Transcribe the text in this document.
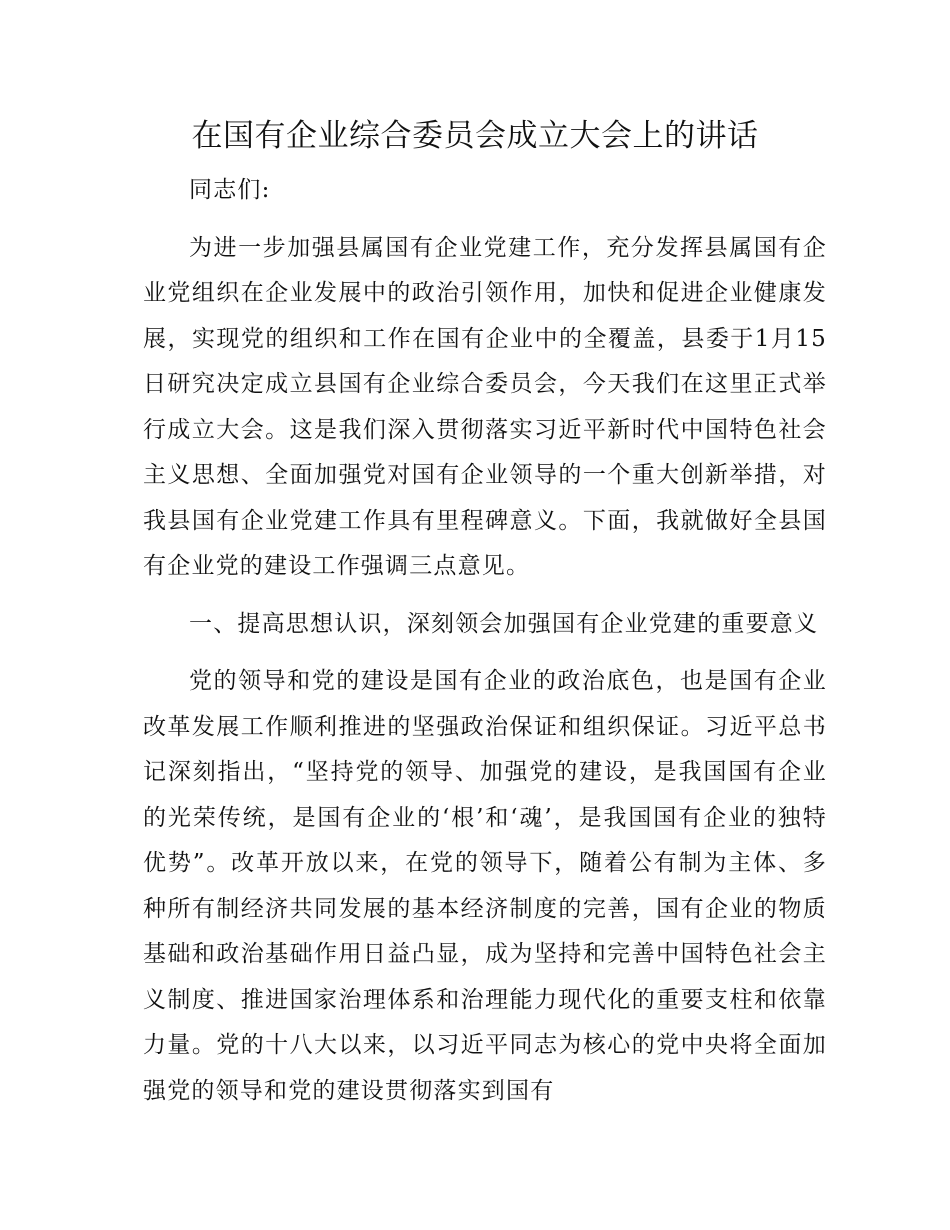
在国有企业综合委员会成立大会上的讲话

同志们:

为进一步加强县属国有企业党建工作，充分发挥县属国有企业党组织在企业发展中的政治引领作用，加快和促进企业健康发展，实现党的组织和工作在国有企业中的全覆盖，县委于1月15日研究决定成立县国有企业综合委员会，今天我们在这里正式举行成立大会。这是我们深入贯彻落实习近平新时代中国特色社会主义思想、全面加强党对国有企业领导的一个重大创新举措，对我县国有企业党建工作具有里程碑意义。下面，我就做好全县国有企业党的建设工作强调三点意见。

一、提高思想认识，深刻领会加强国有企业党建的重要意义

党的领导和党的建设是国有企业的政治底色，也是国有企业改革发展工作顺利推进的坚强政治保证和组织保证。习近平总书记深刻指出，“坚持党的领导、加强党的建设，是我国国有企业的光荣传统，是国有企业的‘根’和‘魂’，是我国国有企业的独特优势”。改革开放以来，在党的领导下，随着公有制为主体、多种所有制经济共同发展的基本经济制度的完善，国有企业的物质基础和政治基础作用日益凸显，成为坚持和完善中国特色社会主义制度、推进国家治理体系和治理能力现代化的重要支柱和依靠力量。党的十八大以来，以习近平同志为核心的党中央将全面加强党的领导和党的建设贯彻落实到国有
